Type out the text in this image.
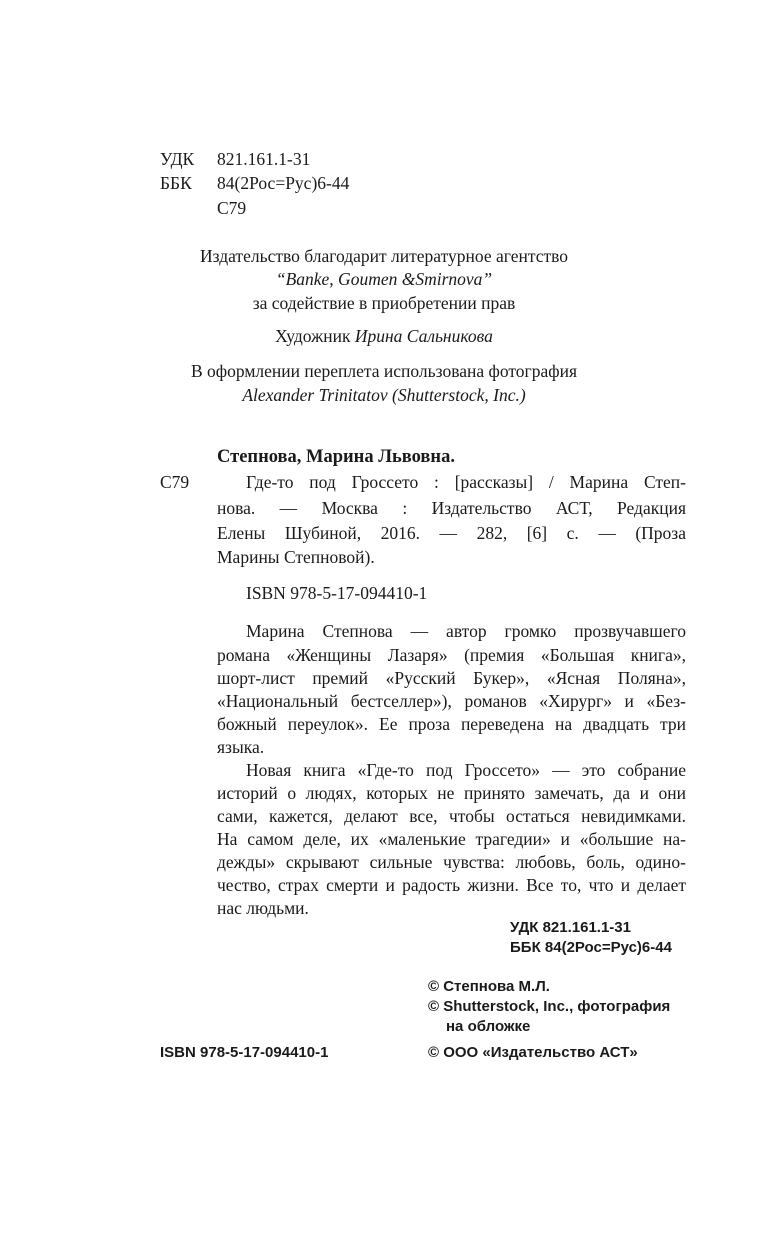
УДК 821.161.1-31
ББК 84(2Рос=Рус)6-44
С79
Издательство благодарит литературное агентство
“Banke, Goumen &Smirnova”
за содействие в приобретении прав
Художник Ирина Сальникова
В оформлении переплета использована фотография
Alexander Trinitatov (Shutterstock, Inc.)
Степнова, Марина Львовна.
С79	Где-то под Гроссето : [рассказы] / Марина Степ-
нова. — Москва : Издательство АСТ, Редакция
Елены Шубиной, 2016. — 282, [6] с. — (Проза
Марины Степновой).
ISBN 978-5-17-094410-1
Марина Степнова — автор громко прозвучавшего
романа «Женщины Лазаря» (премия «Большая книга»,
шорт-лист премий «Русский Букер», «Ясная Поляна»,
«Национальный бестселлер»), романов «Хирург» и «Без-
божный переулок». Ее проза переведена на двадцать три
языка.
Новая книга «Где-то под Гроссето» — это собрание
историй о людях, которых не принято замечать, да и они
сами, кажется, делают все, чтобы остаться невидимками.
На самом деле, их «маленькие трагедии» и «большие на-
дежды» скрывают сильные чувства: любовь, боль, одино-
чество, страх смерти и радость жизни. Все то, что и делает
нас людьми.
УДК 821.161.1-31
ББК 84(2Рос=Рус)6-44
© Степнова М.Л.
© Shutterstock, Inc., фотография
на обложке
© ООО «Издательство АСТ»
ISBN 978-5-17-094410-1
